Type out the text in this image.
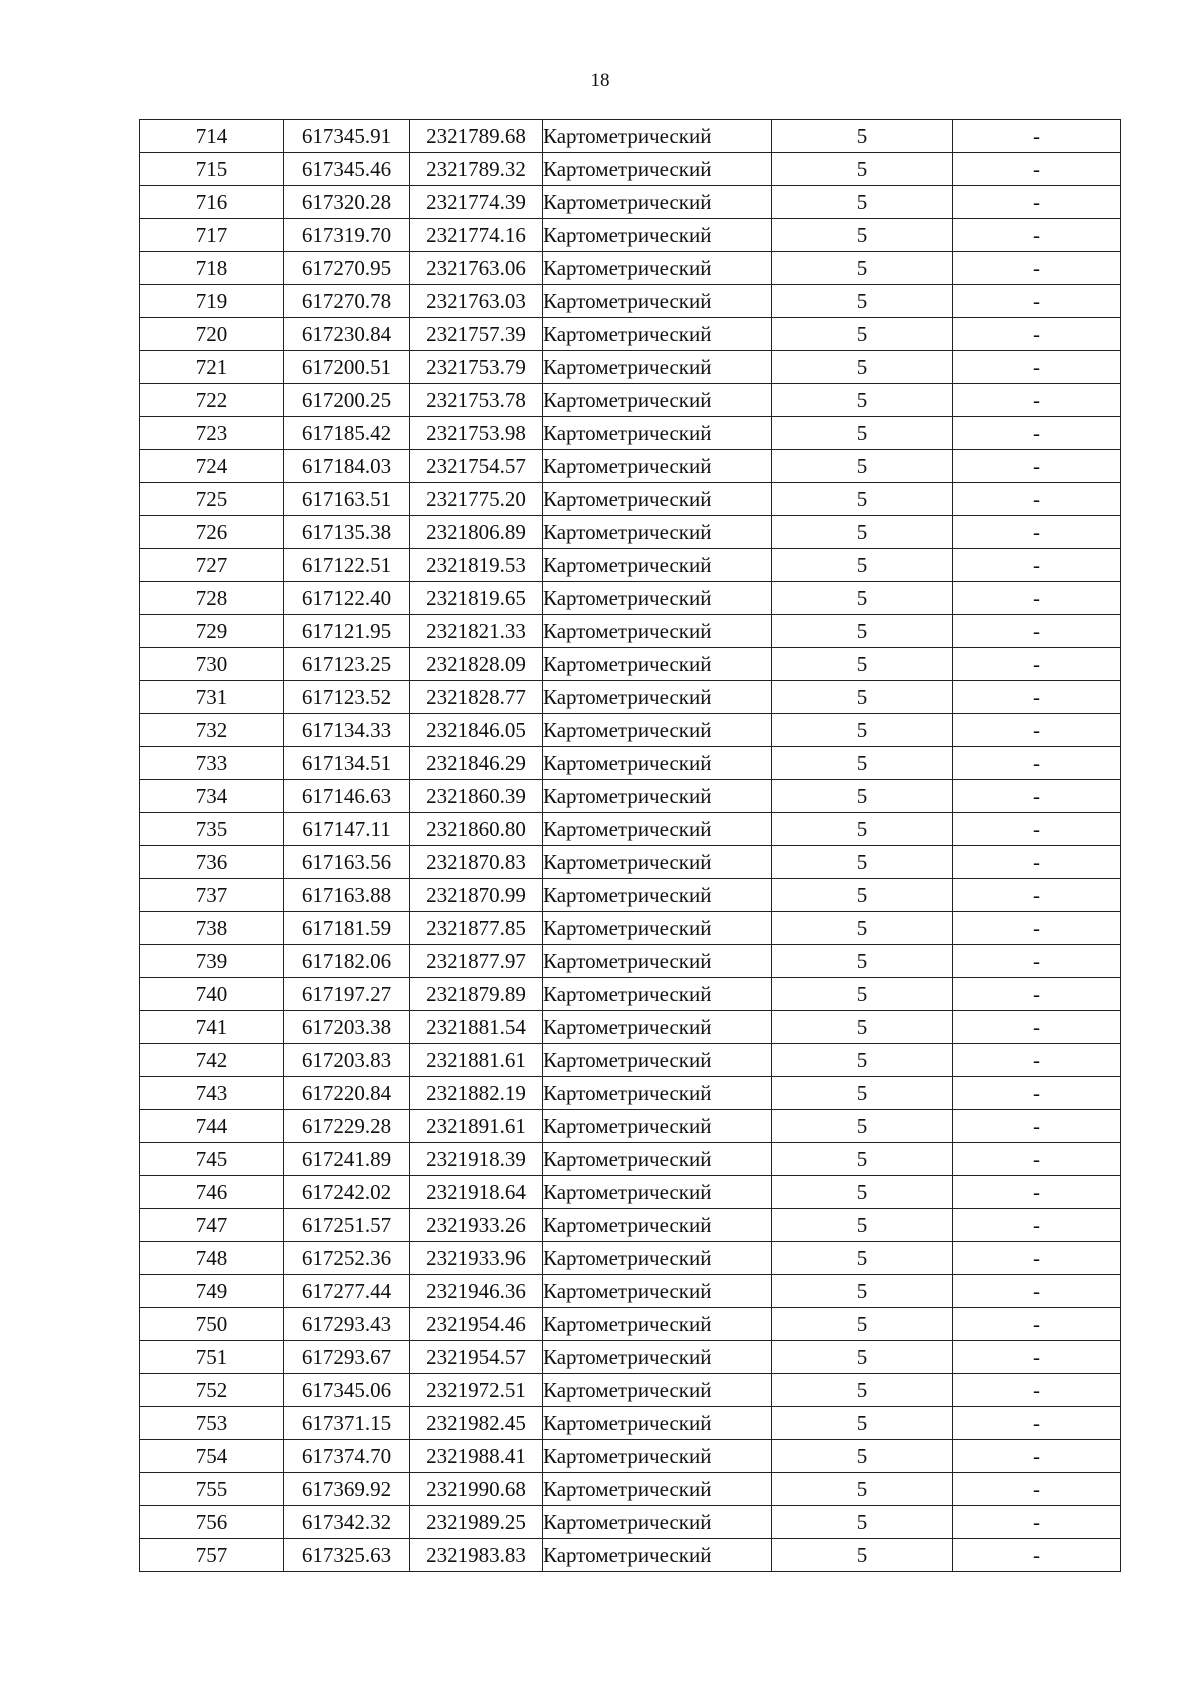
18
714	617345.91	2321789.68	Картометрический	5	-
715	617345.46	2321789.32	Картометрический	5	-
716	617320.28	2321774.39	Картометрический	5	-
717	617319.70	2321774.16	Картометрический	5	-
718	617270.95	2321763.06	Картометрический	5	-
719	617270.78	2321763.03	Картометрический	5	-
720	617230.84	2321757.39	Картометрический	5	-
721	617200.51	2321753.79	Картометрический	5	-
722	617200.25	2321753.78	Картометрический	5	-
723	617185.42	2321753.98	Картометрический	5	-
724	617184.03	2321754.57	Картометрический	5	-
725	617163.51	2321775.20	Картометрический	5	-
726	617135.38	2321806.89	Картометрический	5	-
727	617122.51	2321819.53	Картометрический	5	-
728	617122.40	2321819.65	Картометрический	5	-
729	617121.95	2321821.33	Картометрический	5	-
730	617123.25	2321828.09	Картометрический	5	-
731	617123.52	2321828.77	Картометрический	5	-
732	617134.33	2321846.05	Картометрический	5	-
733	617134.51	2321846.29	Картометрический	5	-
734	617146.63	2321860.39	Картометрический	5	-
735	617147.11	2321860.80	Картометрический	5	-
736	617163.56	2321870.83	Картометрический	5	-
737	617163.88	2321870.99	Картометрический	5	-
738	617181.59	2321877.85	Картометрический	5	-
739	617182.06	2321877.97	Картометрический	5	-
740	617197.27	2321879.89	Картометрический	5	-
741	617203.38	2321881.54	Картометрический	5	-
742	617203.83	2321881.61	Картометрический	5	-
743	617220.84	2321882.19	Картометрический	5	-
744	617229.28	2321891.61	Картометрический	5	-
745	617241.89	2321918.39	Картометрический	5	-
746	617242.02	2321918.64	Картометрический	5	-
747	617251.57	2321933.26	Картометрический	5	-
748	617252.36	2321933.96	Картометрический	5	-
749	617277.44	2321946.36	Картометрический	5	-
750	617293.43	2321954.46	Картометрический	5	-
751	617293.67	2321954.57	Картометрический	5	-
752	617345.06	2321972.51	Картометрический	5	-
753	617371.15	2321982.45	Картометрический	5	-
754	617374.70	2321988.41	Картометрический	5	-
755	617369.92	2321990.68	Картометрический	5	-
756	617342.32	2321989.25	Картометрический	5	-
757	617325.63	2321983.83	Картометрический	5	-
